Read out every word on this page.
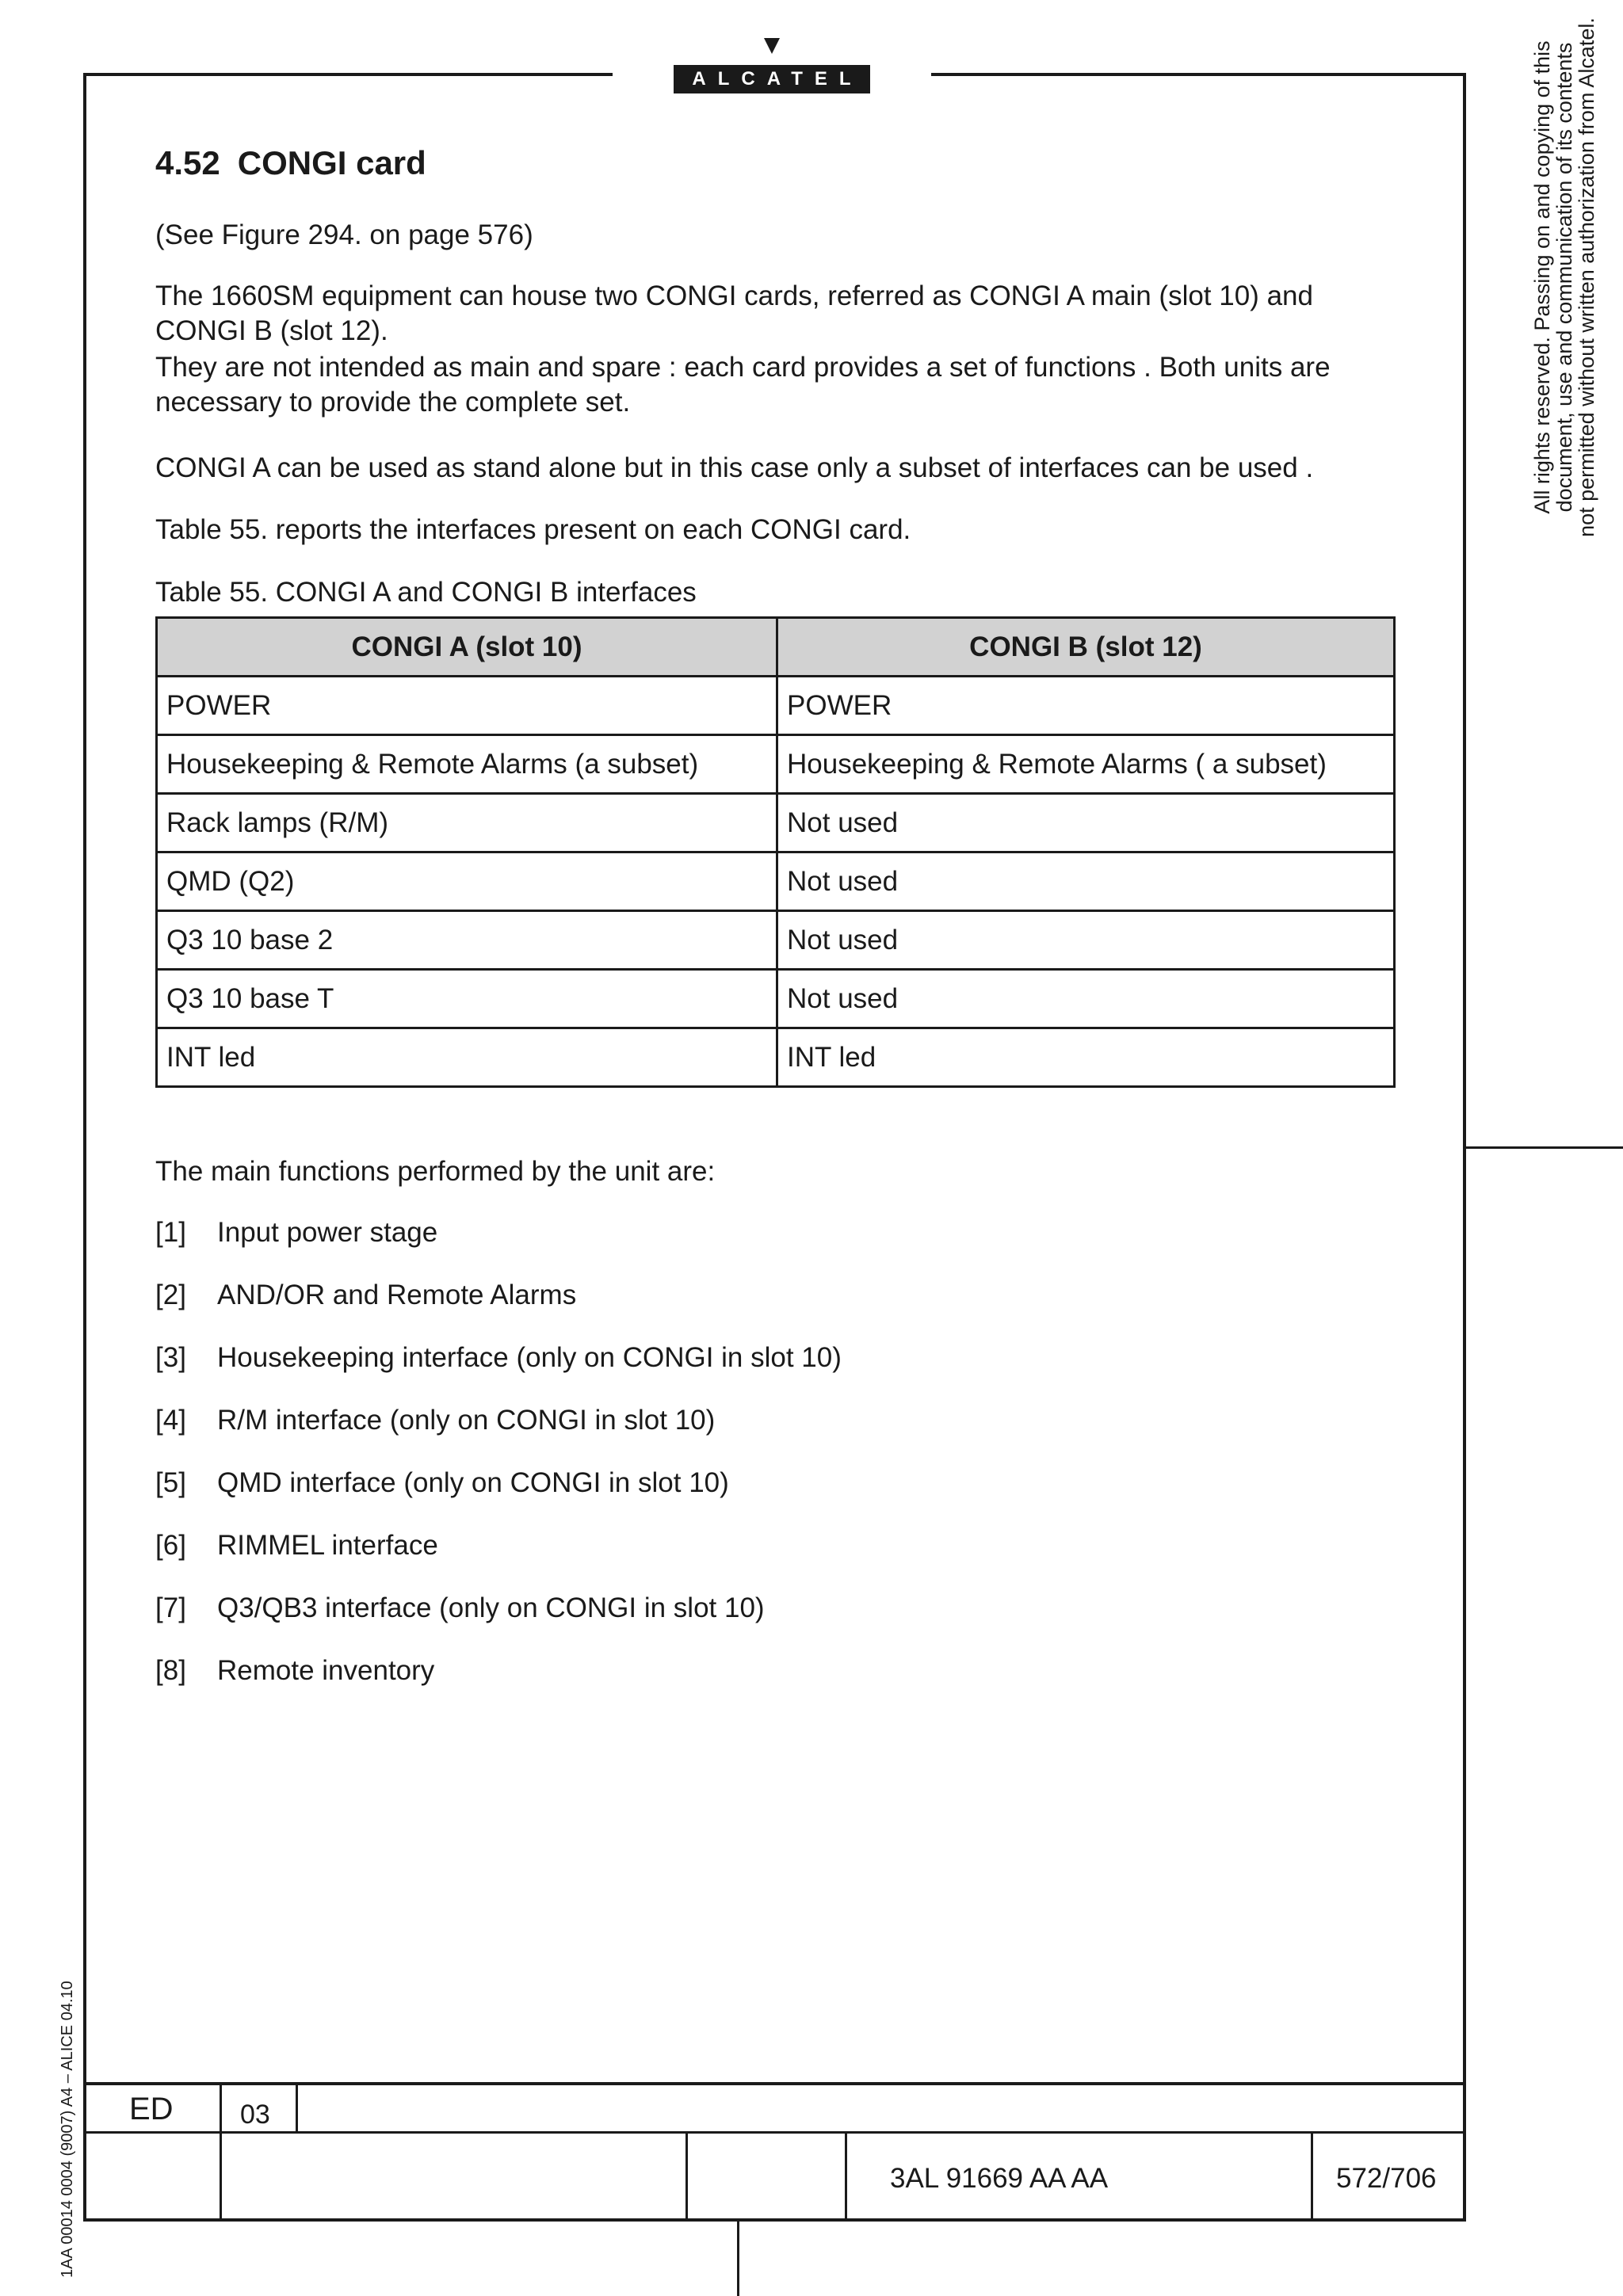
ALCATEL
4.52 CONGI card

(See Figure 294. on page 576)

The 1660SM equipment can house two CONGI cards, referred as CONGI A main (slot 10) and CONGI B (slot 12).

They are not intended as main and spare : each card provides a set of functions . Both units are necessary to provide the complete set.

CONGI A can be used as stand alone but in this case only a subset of interfaces can be used .

Table 55. reports the interfaces present on each CONGI card.

Table 55. CONGI A and CONGI B interfaces

CONGI A (slot 10)	CONGI B (slot 12)
POWER	POWER
Housekeeping & Remote Alarms (a subset)	Housekeeping & Remote Alarms ( a subset)
Rack lamps (R/M)	Not used
QMD (Q2)	Not used
Q3 10 base 2	Not used
Q3 10 base T	Not used
INT led	INT led

The main functions performed by the unit are:

[1] Input power stage
[2] AND/OR and Remote Alarms
[3] Housekeeping interface (only on CONGI in slot 10)
[4] R/M interface (only on CONGI in slot 10)
[5] QMD interface (only on CONGI in slot 10)
[6] RIMMEL interface
[7] Q3/QB3 interface (only on CONGI in slot 10)
[8] Remote inventory
All rights reserved. Passing on and copying of this
document, use and communication of its contents
not permitted without written authorization from Alcatel.
1AA 00014 0004 (9007) A4 – ALICE 04.10 ED 03

3AL 91669 AA AA	572/706
